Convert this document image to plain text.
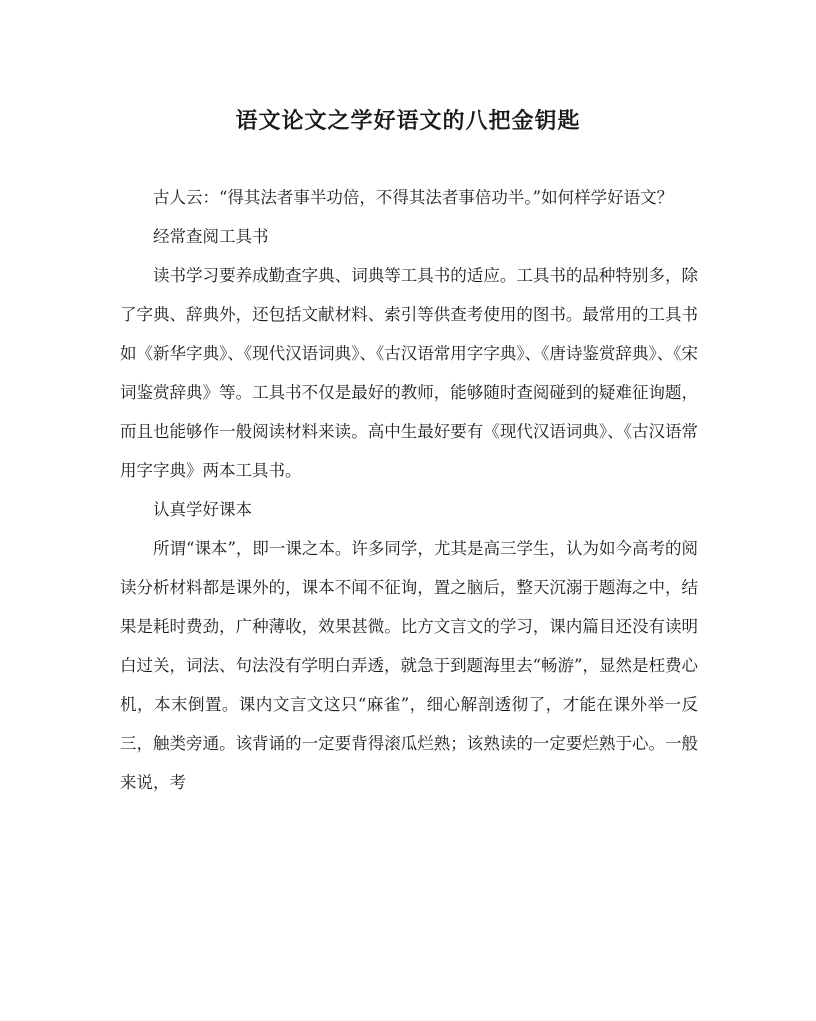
语文论文之学好语文的八把金钥匙

古人云：“得其法者事半功倍，不得其法者事倍功半。”如何样学好语文？

经常查阅工具书

读书学习要养成勤查字典、词典等工具书的适应。工具书的品种特别多，除了字典、辞典外，还包括文献材料、索引等供查考使用的图书。最常用的工具书如《新华字典》、《现代汉语词典》、《古汉语常用字字典》、《唐诗鉴赏辞典》、《宋词鉴赏辞典》等。工具书不仅是最好的教师，能够随时查阅碰到的疑难征询题，而且也能够作一般阅读材料来读。高中生最好要有《现代汉语词典》、《古汉语常用字字典》两本工具书。

认真学好课本

所谓“课本”，即一课之本。许多同学，尤其是高三学生，认为如今高考的阅读分析材料都是课外的，课本不闻不征询，置之脑后，整天沉溺于题海之中，结果是耗时费劲，广种薄收，效果甚微。比方文言文的学习，课内篇目还没有读明白过关，词法、句法没有学明白弄透，就急于到题海里去“畅游”，显然是枉费心机，本末倒置。课内文言文这只“麻雀”，细心解剖透彻了，才能在课外举一反三，触类旁通。该背诵的一定要背得滚瓜烂熟；该熟读的一定要烂熟于心。一般来说，考
